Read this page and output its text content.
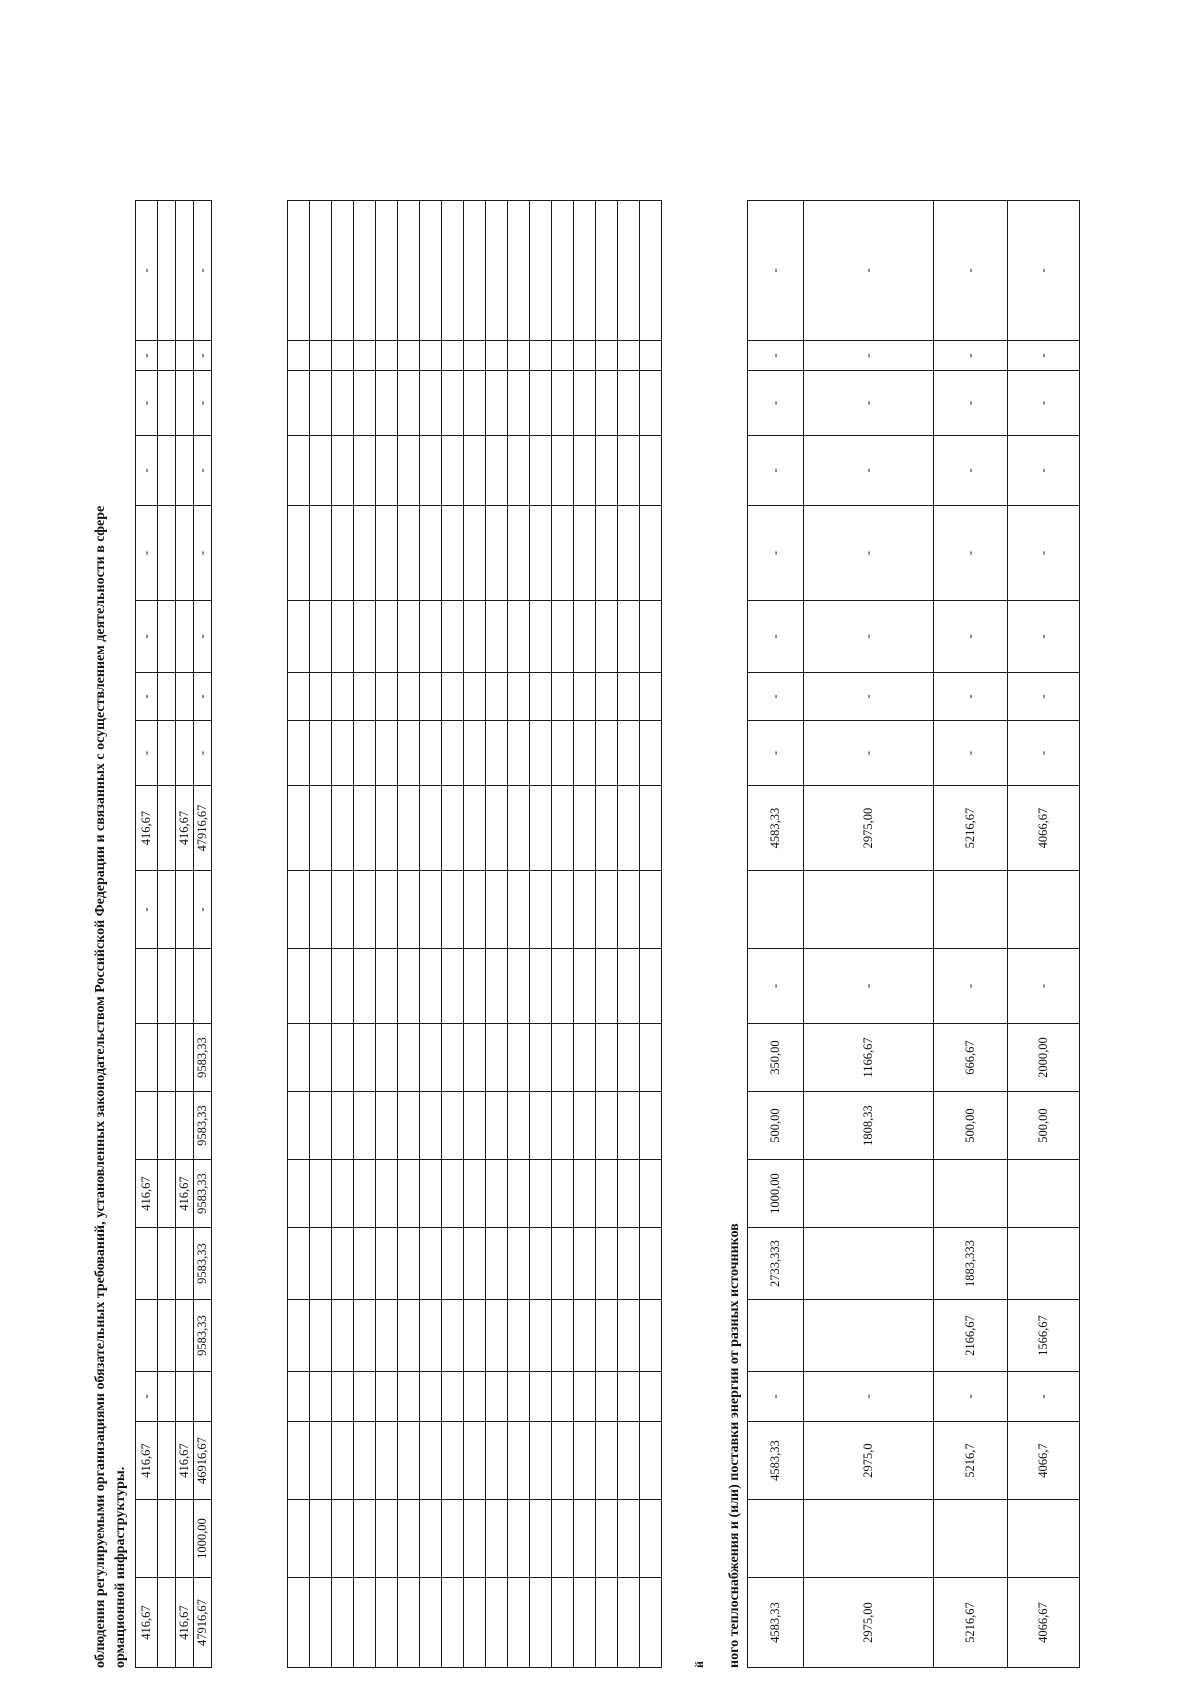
облюдения регулируемыми организациями обязательных требований, установленных законодательством Российской Федерации и связанных с осуществлением деятельности в сфере ормационной инфраструктуры. 416,67		416,67	-			416,67				-	416,67	-	-	-	-	-	-	-	-

416,67		416,67				416,67					416,67								
47916,67	1000,00	46916,67		9583,33	9583,33	9583,33	9583,33	9583,33		-	47916,67	-	-	-	-	-	-	-	-

й ного теплоснабжения и (или) поставки энергии от разных источников 4583,33		4583,33	-		2733,333	1000,00	500,00	350,00	-		4583,33	-	-	-	-	-	-	-	-
2975,00		2975,0	-				1808,33	1166,67	-		2975,00	-	-	-	-	-	-	-	-
5216,67		5216,7	-	2166,67	1883,333		500,00	666,67	-		5216,67	-	-	-	-	-	-	-	-
4066,67		4066,7	-	1566,67			500,00	2000,00	-		4066,67	-	-	-	-	-	-	-	-
